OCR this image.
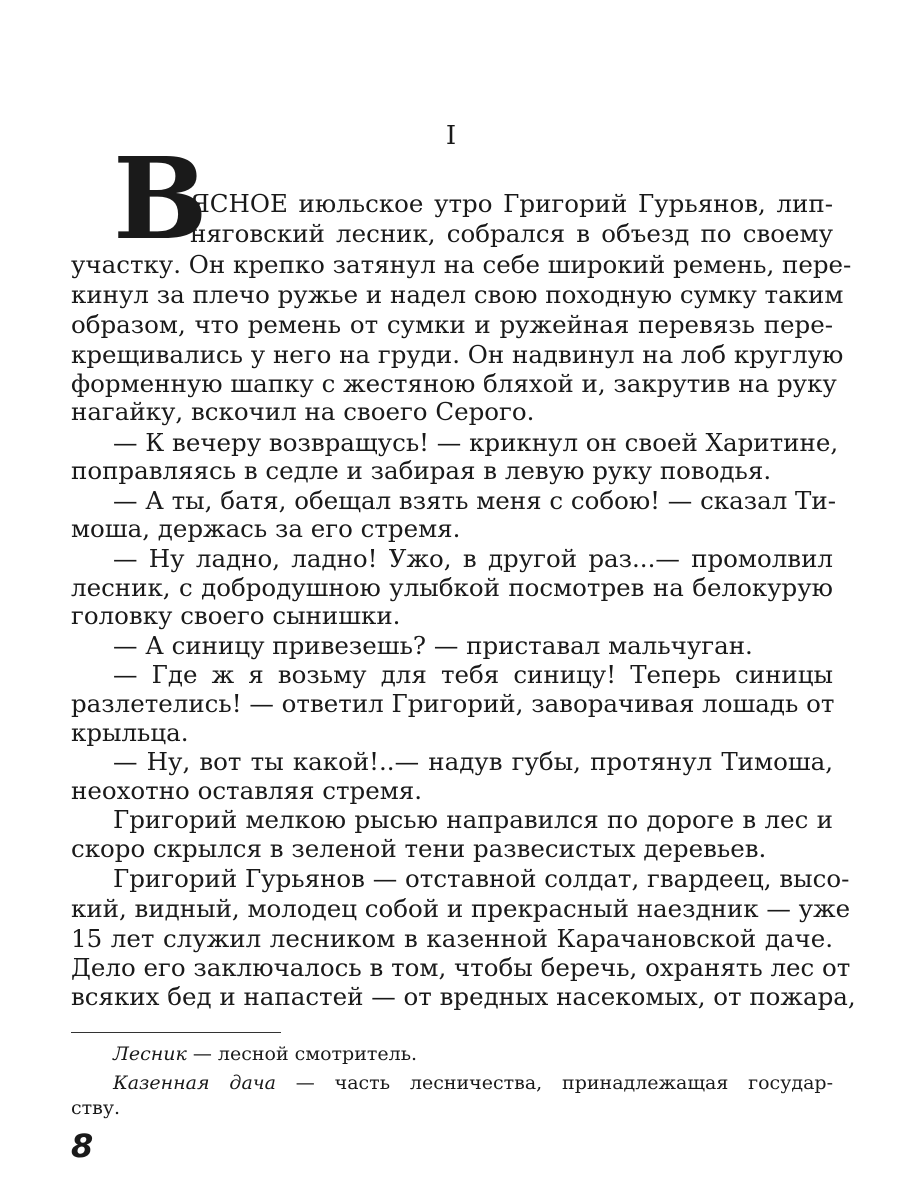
I
В
ЯСНОЕ июльское утро Григорий Гурьянов, лип-
няговский лесник, собрался в объезд по своему
участку. Он крепко затянул на себе широкий ремень, пере-
кинул за плечо ружье и надел свою походную сумку таким
образом, что ремень от сумки и ружейная перевязь пере-
крещивались у него на груди. Он надвинул на лоб круглую
форменную шапку с жестяною бляхой и, закрутив на руку
нагайку, вскочил на своего Серого.
— К вечеру возвращусь! — крикнул он своей Харитине,
поправляясь в седле и забирая в левую руку поводья.
— А ты, батя, обещал взять меня с собою! — сказал Ти-
моша, держась за его стремя.
— Ну ладно, ладно! Ужо, в другой раз...— промолвил
лесник, с добродушною улыбкой посмотрев на белокурую
головку своего сынишки.
— А синицу привезешь? — приставал мальчуган.
— Где ж я возьму для тебя синицу! Теперь синицы
разлетелись! — ответил Григорий, заворачивая лошадь от
крыльца.
— Ну, вот ты какой!..— надув губы, протянул Тимоша,
неохотно оставляя стремя.
Григорий мелкою рысью направился по дороге в лес и
скоро скрылся в зеленой тени развесистых деревьев.
Григорий Гурьянов — отставной солдат, гвардеец, высо-
кий, видный, молодец собой и прекрасный наездник — уже
15 лет служил лесником в казенной Карачановской даче.
Дело его заключалось в том, чтобы беречь, охранять лес от
всяких бед и напастей — от вредных насекомых, от пожара,
Лесник — лесной смотритель.
Казенная дача — часть лесничества, принадлежащая государ-
ству.
8
